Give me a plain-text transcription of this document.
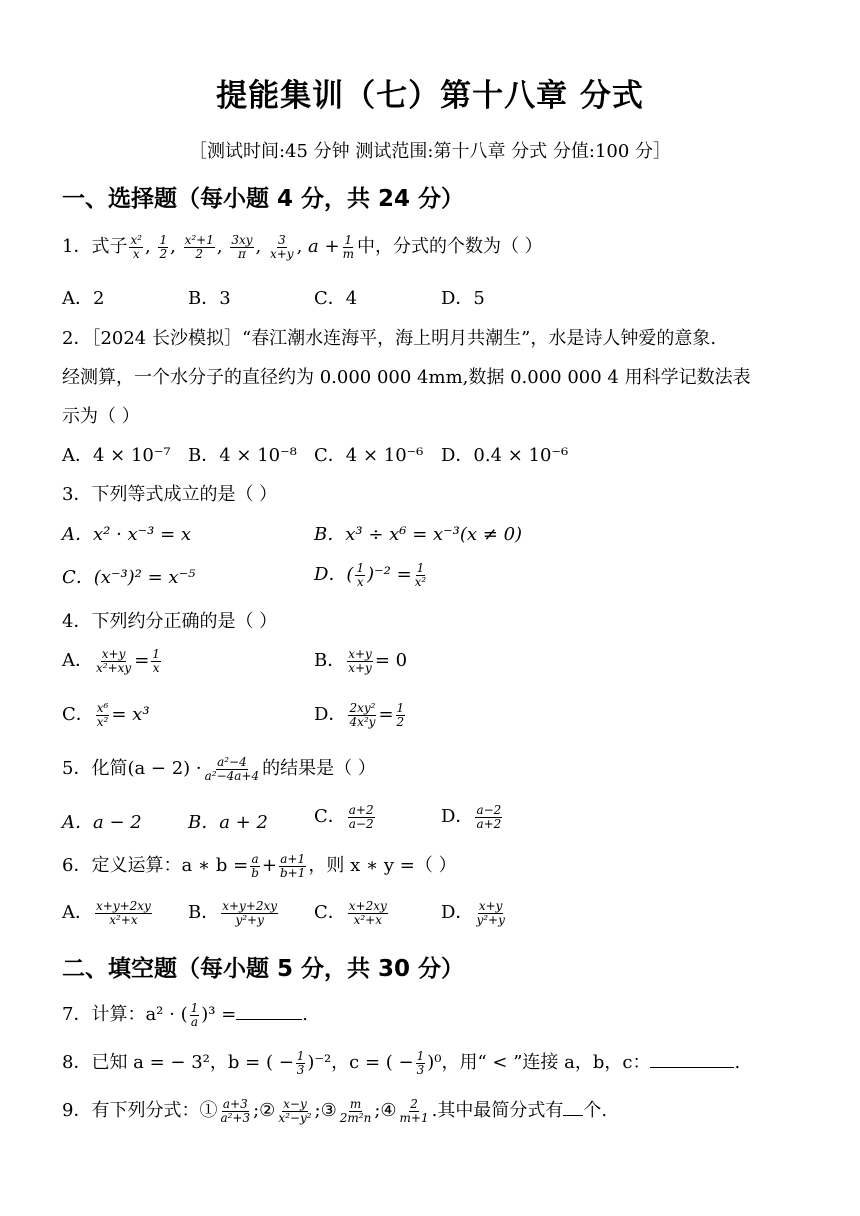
提能集训（七）第十八章 分式
［测试时间:45 分钟 测试范围:第十八章 分式 分值:100 分］
一、选择题（每小题 4 分，共 24 分）
1．式子 $\frac{\text{x²}}{x}$ , $\frac{1}{2}$ , $\frac{\text{x²+1}}{2}$ , $\frac{3xy}{\pi}$ , $\frac{3}{x+y}$ , $a + \frac{1}{m}$ 中，分式的个数为（ ）
A．2	B．3	C．4	D．5
2．［2024 长沙模拟］“春江潮水连海平，海上明月共潮生”，水是诗人钟爱的意象.
经测算，一个水分子的直径约为 0.000 000 4mm,数据 0.000 000 4 用科学记数法表
示为（ ）
A．4 × 10⁻⁷ B．4 × 10⁻⁸ C．4 × 10⁻⁶ D．0.4 × 10⁻⁶
3．下列等式成立的是（ ）
A．x² · x⁻³ = x	B．x³ ÷ x⁶ = x⁻³(x ≠ 0)
C．(x⁻³)² = x⁻⁵	D．( $\frac{1}{x} )^{-2} = \frac{1}{\text{x²}}$
4．下列约分正确的是（ ）
A． $\frac{x+y}{\text{x²+xy}} = \frac{1}{x}$	B． $\frac{x+y}{x+y} = 0$
C． $\frac{\text{x⁶}}{\text{x²}} = x^3$	D． $\frac{\text{2xy²}}{\text{4x²y}} = \frac{1}{2}$
5．化简$(a - 2) \cdot \frac{\text{a²−4}}{\text{a²−4a+4}}$ 的结果是（ ）
A．a − 2	B．a + 2	C． $\frac{a+2}{a-2}$	D． $\frac{a-2}{a+2}$
6．定义运算：a ∗ $b = \frac{a}{b} + \frac{a+1}{b+1}$ ，则 x ∗ y =（ ）
A． $\frac{x+y+2xy}{\text{x²+x}}$ B． $\frac{x+y+2xy}{\text{y²+y}}$ C． $\frac{x+2xy}{\text{x²+x}}$	D． $\frac{x+y}{\text{y²+y}}$
二、填空题（每小题 5 分，共 30 分）
7．计算：a² · ( $\frac{1}{a} )^3$ =	.
8．已知 a = − 3²，b = ( − $\frac{1}{3} )^{-2}$，c = ( − $\frac{1}{3} )^0$，用“ < ”连接 a，b，c：	.
9．有下列分式：① $\frac{a+3}{\text{a²+3}}$ ;② $\frac{x-y}{\text{x²−y²}}$ ;③ $\frac{m}{\text{2m²n}}$ ;④ $\frac{2}{m+1}$ .其中最简分式有 个.
